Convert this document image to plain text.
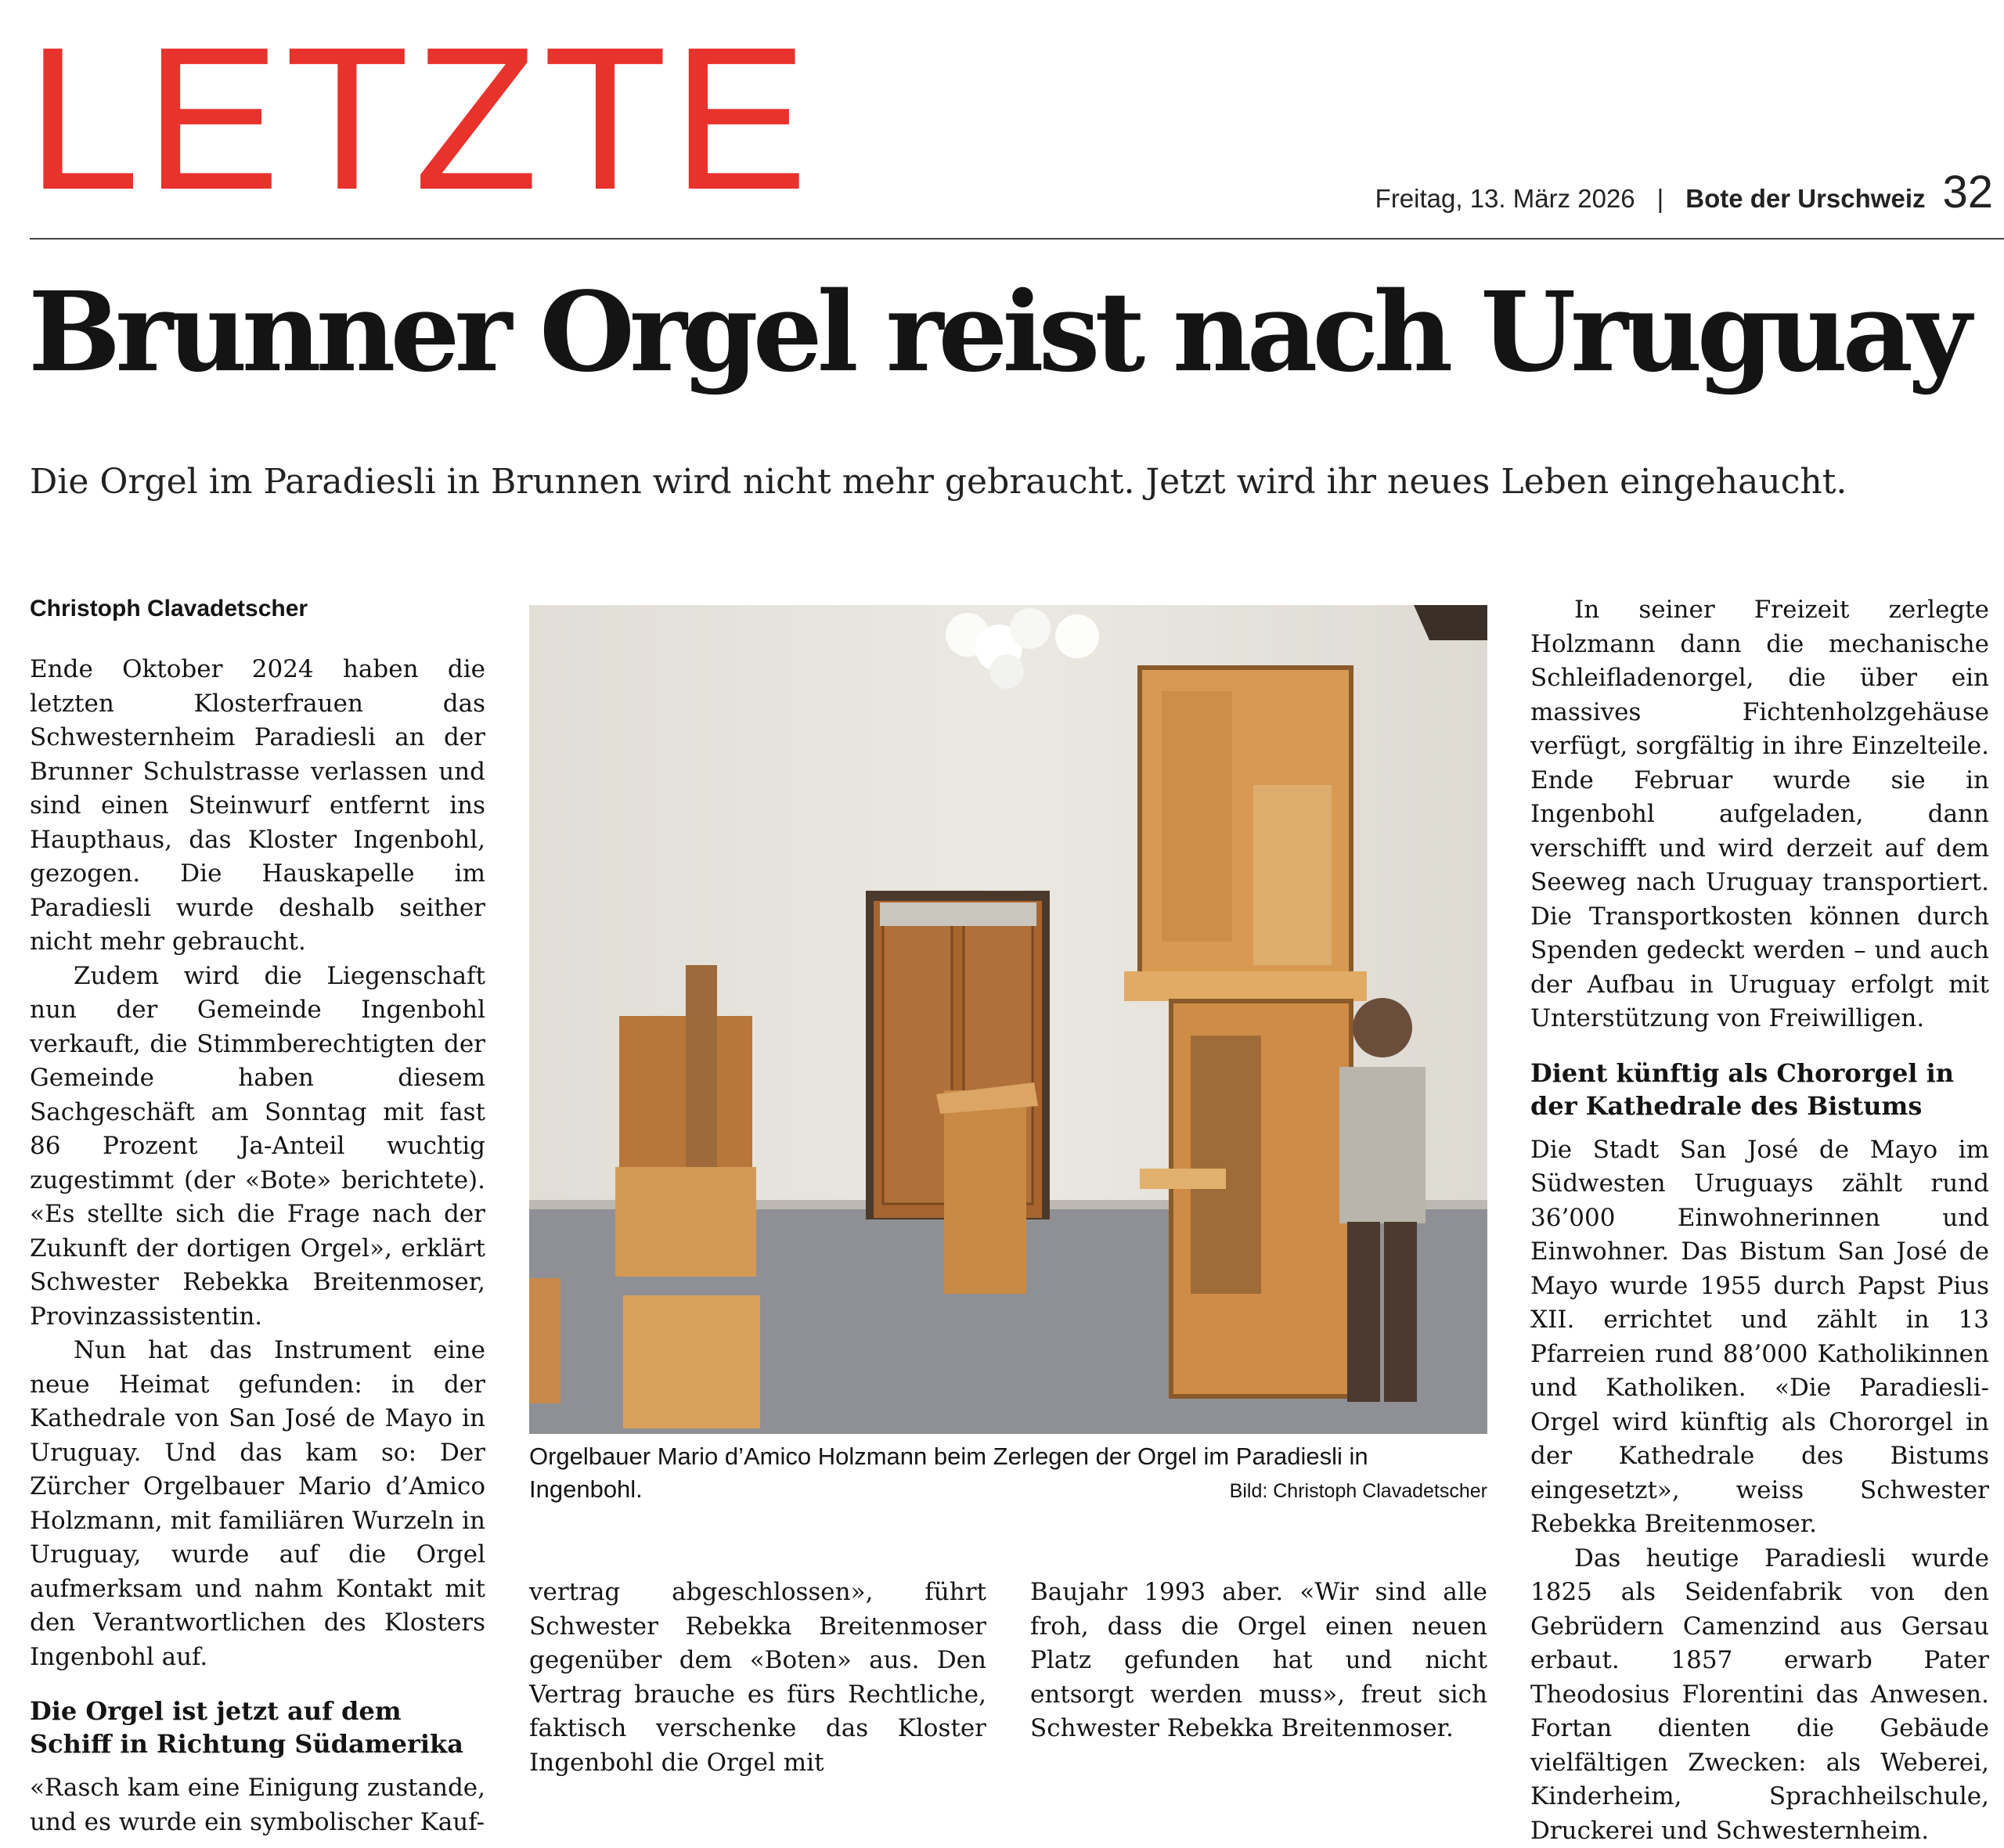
LETZTE	Freitag, 13. März 2026 | Bote der Urschweiz 32
Brunner Orgel reist nach Uruguay

Die Orgel im Paradiesli in Brunnen wird nicht mehr gebraucht. Jetzt wird ihr neues Leben eingehaucht.

Christoph Clavadetscher

Ende Oktober 2024 haben die letzten Klosterfrauen das Schwesternheim Paradiesli an der Brunner Schulstrasse verlassen und sind einen Steinwurf entfernt ins Haupthaus, das Kloster Ingenbohl, gezogen. Die Hauskapelle im Paradiesli wurde deshalb seither nicht mehr gebraucht.

Zudem wird die Liegenschaft nun der Gemeinde Ingenbohl verkauft, die Stimmberechtigten der Gemeinde haben diesem Sachgeschäft am Sonntag mit fast 86 Prozent Ja-Anteil wuchtig zugestimmt (der «Bote» berichtete). «Es stellte sich die Frage nach der Zukunft der dortigen Orgel», erklärt Schwester Rebekka Breitenmoser, Provinzassistentin.

Nun hat das Instrument eine neue Heimat gefunden: in der Kathedrale von San José de Mayo in Uruguay. Und das kam so: Der Zürcher Orgelbauer Mario d’Amico Holzmann, mit familiären Wurzeln in Uruguay, wurde auf die Orgel aufmerksam und nahm Kontakt mit den Verantwortlichen des Klosters Ingenbohl auf.

Die Orgel ist jetzt auf dem Schiff in Richtung Südamerika

«Rasch kam eine Einigung zustande, und es wurde ein symbolischer Kauf-

Orgelbauer Mario d’Amico Holzmann beim Zerlegen der Orgel im Paradiesli in Ingenbohl.	Bild: Christoph Clavadetscher

vertrag abgeschlossen», führt Schwester Rebekka Breitenmoser gegenüber dem «Boten» aus. Den Vertrag brauche es fürs Rechtliche, faktisch verschenke das Kloster Ingenbohl die Orgel mit

Baujahr 1993 aber. «Wir sind alle froh, dass die Orgel einen neuen Platz gefunden hat und nicht entsorgt werden muss», freut sich Schwester Rebekka Breitenmoser.

In seiner Freizeit zerlegte Holzmann dann die mechanische Schleifladenorgel, die über ein massives Fichtenholzgehäuse verfügt, sorgfältig in ihre Einzelteile. Ende Februar wurde sie in Ingenbohl aufgeladen, dann verschifft und wird derzeit auf dem Seeweg nach Uruguay transportiert. Die Transportkosten können durch Spenden gedeckt werden – und auch der Aufbau in Uruguay erfolgt mit Unterstützung von Freiwilligen.

Dient künftig als Chororgel in der Kathedrale des Bistums

Die Stadt San José de Mayo im Südwesten Uruguays zählt rund 36’000 Einwohnerinnen und Einwohner. Das Bistum San José de Mayo wurde 1955 durch Papst Pius XII. errichtet und zählt in 13 Pfarreien rund 88’000 Katholikinnen und Katholiken. «Die Paradiesli-Orgel wird künftig als Chororgel in der Kathedrale des Bistums eingesetzt», weiss Schwester Rebekka Breitenmoser.

Das heutige Paradiesli wurde 1825 als Seidenfabrik von den Gebrüdern Camenzind aus Gersau erbaut. 1857 erwarb Pater Theodosius Florentini das Anwesen. Fortan dienten die Gebäude vielfältigen Zwecken: als Weberei, Kinderheim, Sprachheilschule, Druckerei und Schwesternheim.
